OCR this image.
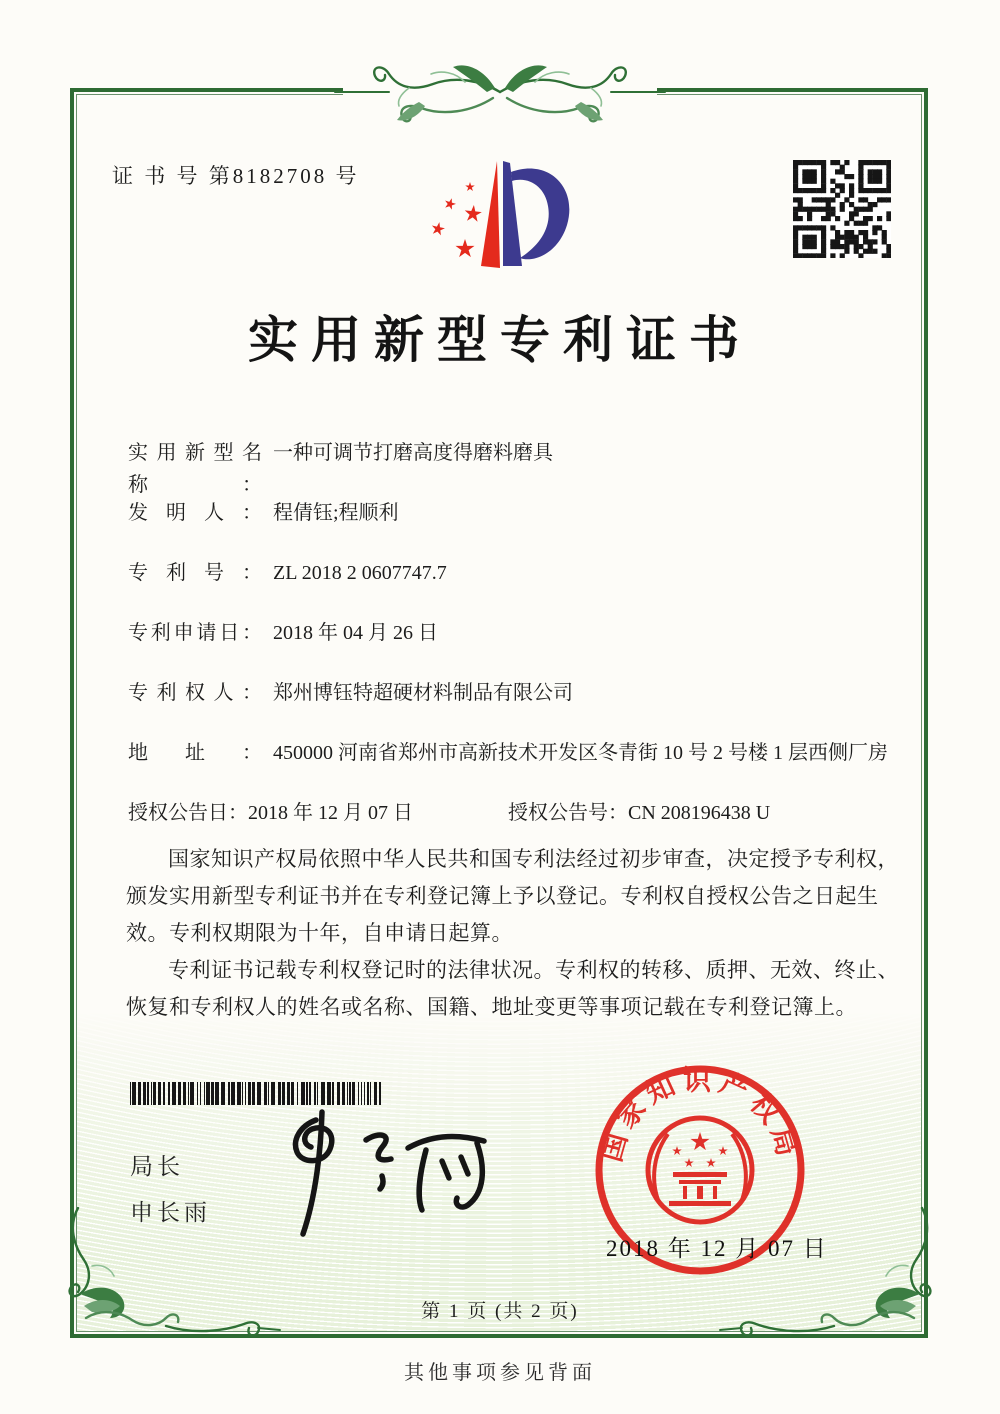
证 书 号 第8182708 号
实用新型专利证书
实用新型名称： 一种可调节打磨高度得磨料磨具
发明人： 程倩钰;程顺利
专利号： ZL 2018 2 0607747.7
专利申请日： 2018 年 04 月 26 日
专利权人： 郑州博钰特超硬材料制品有限公司
地址： 450000 河南省郑州市高新技术开发区冬青街 10 号 2 号楼 1 层西侧厂房
授权公告日：2018 年 12 月 07 日	授权公告号：CN 208196438 U

国家知识产权局依照中华人民共和国专利法经过初步审查，决定授予专利权，颁发实用新型专利证书并在专利登记簿上予以登记。专利权自授权公告之日起生效。专利权期限为十年，自申请日起算。

专利证书记载专利权登记时的法律状况。专利权的转移、质押、无效、终止、恢复和专利权人的姓名或名称、国籍、地址变更等事项记载在专利登记簿上。

局长
申长雨
国家知识产权局
2018 年 12 月 07 日
第 1 页 (共 2 页)
其他事项参见背面
